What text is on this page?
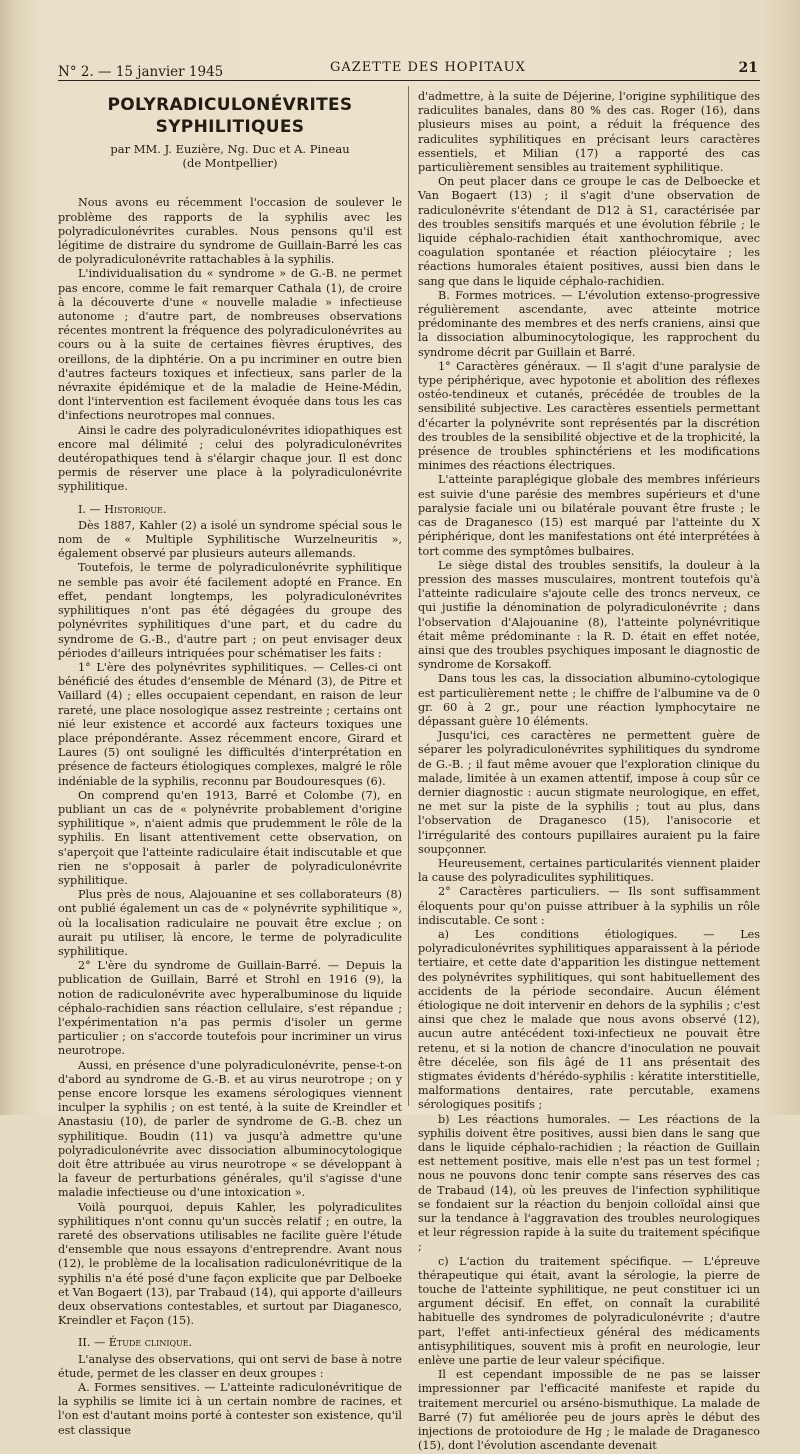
N° 2. — 15 janvier 1945	GAZETTE DES HOPITAUX	21
POLYRADICULONÉVRITES SYPHILITIQUES
par MM. J. Euzière, Ng. Duc et A. Pineau
(de Montpellier)

Nous avons eu récemment l'occasion de soulever le problème des rapports de la syphilis avec les polyradiculonévrites curables. Nous pensons qu'il est légitime de distraire du syndrome de Guillain-Barré les cas de polyradiculonévrite rattachables à la syphilis.

L'individualisation du « syndrome » de G.-B. ne permet pas encore, comme le fait remarquer Cathala (1), de croire à la découverte d'une « nouvelle maladie » infectieuse autonome ; d'autre part, de nombreuses observations récentes montrent la fréquence des polyradiculonévrites au cours ou à la suite de certaines fièvres éruptives, des oreillons, de la diphtérie. On a pu incriminer en outre bien d'autres facteurs toxiques et infectieux, sans parler de la névraxite épidémique et de la maladie de Heine-Médin, dont l'intervention est facilement évoquée dans tous les cas d'infections neurotropes mal connues.

Ainsi le cadre des polyradiculonévrites idiopathiques est encore mal délimité ; celui des polyradiculonévrites deutéropathiques tend à s'élargir chaque jour. Il est donc permis de réserver une place à la polyradiculonévrite syphilitique.

I. — Historique.

Dès 1887, Kahler (2) a isolé un syndrome spécial sous le nom de « Multiple Syphilitische Wurzelneuritis », également observé par plusieurs auteurs allemands.

Toutefois, le terme de polyradiculonévrite syphilitique ne semble pas avoir été facilement adopté en France. En effet, pendant longtemps, les polyradiculonévrites syphilitiques n'ont pas été dégagées du groupe des polynévrites syphilitiques d'une part, et du cadre du syndrome de G.-B., d'autre part ; on peut envisager deux périodes d'ailleurs intriquées pour schématiser les faits :

1° L'ère des polynévrites syphilitiques. — Celles-ci ont bénéficié des études d'ensemble de Ménard (3), de Pitre et Vaillard (4) ; elles occupaient cependant, en raison de leur rareté, une place nosologique assez restreinte ; certains ont nié leur existence et accordé aux facteurs toxiques une place prépondérante. Assez récemment encore, Girard et Laures (5) ont souligné les difficultés d'interprétation en présence de facteurs étiologiques complexes, malgré le rôle indéniable de la syphilis, reconnu par Boudouresques (6).

On comprend qu'en 1913, Barré et Colombe (7), en publiant un cas de « polynévrite probablement d'origine syphilitique », n'aient admis que prudemment le rôle de la syphilis. En lisant attentivement cette observation, on s'aperçoit que l'atteinte radiculaire était indiscutable et que rien ne s'opposait à parler de polyradiculonévrite syphilitique.

Plus près de nous, Alajouanine et ses collaborateurs (8) ont publié également un cas de « polynévrite syphilitique », où la localisation radiculaire ne pouvait être exclue ; on aurait pu utiliser, là encore, le terme de polyradiculite syphilitique.

2° L'ère du syndrome de Guillain-Barré. — Depuis la publication de Guillain, Barré et Strohl en 1916 (9), la notion de radiculonévrite avec hyperalbuminose du liquide céphalo-rachidien sans réaction cellulaire, s'est répandue ; l'expérimentation n'a pas permis d'isoler un germe particulier ; on s'accorde toutefois pour incriminer un virus neurotrope.

Aussi, en présence d'une polyradiculonévrite, pense-t-on d'abord au syndrome de G.-B. et au virus neurotrope ; on y pense encore lorsque les examens sérologiques viennent inculper la syphilis ; on est tenté, à la suite de Kreindler et Anastasiu (10), de parler de syndrome de G.-B. chez un syphilitique. Boudin (11) va jusqu'à admettre qu'une polyradiculonévrite avec dissociation albuminocytologique doit être attribuée au virus neurotrope « se développant à la faveur de perturbations générales, qu'il s'agisse d'une maladie infectieuse ou d'une intoxication ».

Voilà pourquoi, depuis Kahler, les polyradiculites syphilitiques n'ont connu qu'un succès relatif ; en outre, la rareté des observations utilisables ne facilite guère l'étude d'ensemble que nous essayons d'entreprendre. Avant nous (12), le problème de la localisation radiculonévritique de la syphilis n'a été posé d'une façon explicite que par Delboeke et Van Bogaert (13), par Trabaud (14), qui apporte d'ailleurs deux observations contestables, et surtout par Diaganesco, Kreindler et Façon (15).

II. — Étude clinique.

L'analyse des observations, qui ont servi de base à notre étude, permet de les classer en deux groupes :

A. Formes sensitives. — L'atteinte radiculonévritique de la syphilis se limite ici à un certain nombre de racines, et l'on est d'autant moins porté à contester son existence, qu'il est classique

d'admettre, à la suite de Déjerine, l'origine syphilitique des radiculites banales, dans 80 % des cas. Roger (16), dans plusieurs mises au point, a réduit la fréquence des radiculites syphilitiques en précisant leurs caractères essentiels, et Milian (17) a rapporté des cas particulièrement sensibles au traitement syphilitique.

On peut placer dans ce groupe le cas de Delboecke et Van Bogaert (13) ; il s'agit d'une observation de radiculonévrite s'étendant de D12 à S1, caractérisée par des troubles sensitifs marqués et une évolution fébrile ; le liquide céphalo-rachidien était xanthochromique, avec coagulation spontanée et réaction pléiocytaire ; les réactions humorales étaient positives, aussi bien dans le sang que dans le liquide céphalo-rachidien.

B. Formes motrices. — L'évolution extenso-progressive régulièrement ascendante, avec atteinte motrice prédominante des membres et des nerfs craniens, ainsi que la dissociation albuminocytologique, les rapprochent du syndrome décrit par Guillain et Barré.

1° Caractères généraux. — Il s'agit d'une paralysie de type périphérique, avec hypotonie et abolition des réflexes ostéo-tendineux et cutanés, précédée de troubles de la sensibilité subjective. Les caractères essentiels permettant d'écarter la polynévrite sont représentés par la discrétion des troubles de la sensibilité objective et de la trophicité, la présence de troubles sphinctériens et les modifications minimes des réactions électriques.

L'atteinte paraplégique globale des membres inférieurs est suivie d'une parésie des membres supérieurs et d'une paralysie faciale uni ou bilatérale pouvant être fruste ; le cas de Draganesco (15) est marqué par l'atteinte du X périphérique, dont les manifestations ont été interprétées à tort comme des symptômes bulbaires.

Le siège distal des troubles sensitifs, la douleur à la pression des masses musculaires, montrent toutefois qu'à l'atteinte radiculaire s'ajoute celle des troncs nerveux, ce qui justifie la dénomination de polyradiculonévrite ; dans l'observation d'Alajouanine (8), l'atteinte polynévritique était même prédominante : la R. D. était en effet notée, ainsi que des troubles psychiques imposant le diagnostic de syndrome de Korsakoff.

Dans tous les cas, la dissociation albumino-cytologique est particulièrement nette ; le chiffre de l'albumine va de 0 gr. 60 à 2 gr., pour une réaction lymphocytaire ne dépassant guère 10 éléments.

Jusqu'ici, ces caractères ne permettent guère de séparer les polyradiculonévrites syphilitiques du syndrome de G.-B. ; il faut même avouer que l'exploration clinique du malade, limitée à un examen attentif, impose à coup sûr ce dernier diagnostic : aucun stigmate neurologique, en effet, ne met sur la piste de la syphilis ; tout au plus, dans l'observation de Draganesco (15), l'anisocorie et l'irrégularité des contours pupillaires auraient pu la faire soupçonner.

Heureusement, certaines particularités viennent plaider la cause des polyradiculites syphilitiques.

2° Caractères particuliers. — Ils sont suffisamment éloquents pour qu'on puisse attribuer à la syphilis un rôle indiscutable. Ce sont :

a) Les conditions étiologiques. — Les polyradiculonévrites syphilitiques apparaissent à la période tertiaire, et cette date d'apparition les distingue nettement des polynévrites syphilitiques, qui sont habituellement des accidents de la période secondaire. Aucun élément étiologique ne doit intervenir en dehors de la syphilis ; c'est ainsi que chez le malade que nous avons observé (12), aucun autre antécédent toxi-infectieux ne pouvait être retenu, et si la notion de chancre d'inoculation ne pouvait être décelée, son fils âgé de 11 ans présentait des stigmates évidents d'hérédo-syphilis : kératite interstitielle, malformations dentaires, rate percutable, examens sérologiques positifs ;

b) Les réactions humorales. — Les réactions de la syphilis doivent être positives, aussi bien dans le sang que dans le liquide céphalo-rachidien ; la réaction de Guillain est nettement positive, mais elle n'est pas un test formel ; nous ne pouvons donc tenir compte sans réserves des cas de Trabaud (14), où les preuves de l'infection syphilitique se fondaient sur la réaction du benjoin colloïdal ainsi que sur la tendance à l'aggravation des troubles neurologiques et leur régression rapide à la suite du traitement spécifique ;

c) L'action du traitement spécifique. — L'épreuve thérapeutique qui était, avant la sérologie, la pierre de touche de l'atteinte syphilitique, ne peut constituer ici un argument décisif. En effet, on connaît la curabilité habituelle des syndromes de polyradiculonévrite ; d'autre part, l'effet anti-infectieux général des médicaments antisyphilitiques, souvent mis à profit en neurologie, leur enlève une partie de leur valeur spécifique.

Il est cependant impossible de ne pas se laisser impressionner par l'efficacité manifeste et rapide du traitement mercuriel ou arséno-bismuthique. La malade de Barré (7) fut améliorée peu de jours après le début des injections de protoiodure de Hg ; le malade de Draganesco (15), dont l'évolution ascendante devenait
